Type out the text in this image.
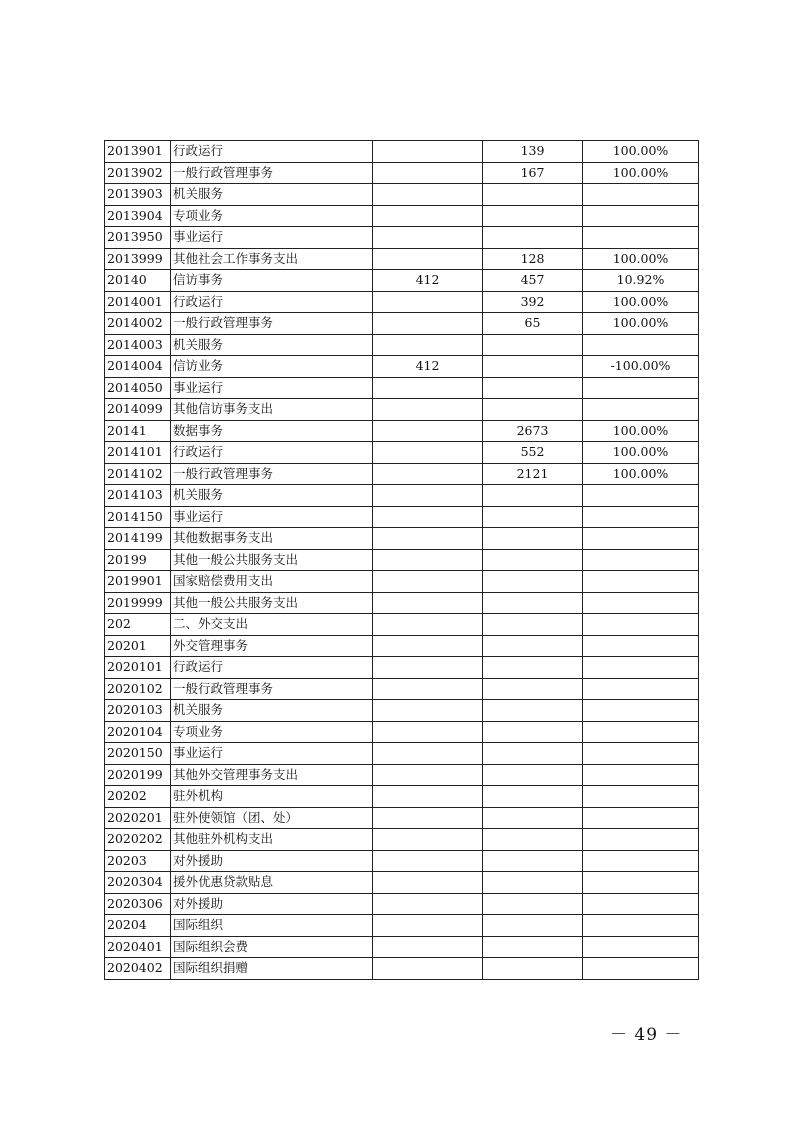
2013901	行政运行		139	100.00%
2013902	一般行政管理事务		167	100.00%
2013903	机关服务			
2013904	专项业务			
2013950	事业运行			
2013999	其他社会工作事务支出		128	100.00%
20140	信访事务	412	457	10.92%
2014001	行政运行		392	100.00%
2014002	一般行政管理事务		65	100.00%
2014003	机关服务			
2014004	信访业务	412		-100.00%
2014050	事业运行			
2014099	其他信访事务支出			
20141	数据事务		2673	100.00%
2014101	行政运行		552	100.00%
2014102	一般行政管理事务		2121	100.00%
2014103	机关服务			
2014150	事业运行			
2014199	其他数据事务支出			
20199	其他一般公共服务支出			
2019901	国家赔偿费用支出			
2019999	其他一般公共服务支出			
202	二、外交支出			
20201	外交管理事务			
2020101	行政运行			
2020102	一般行政管理事务			
2020103	机关服务			
2020104	专项业务			
2020150	事业运行			
2020199	其他外交管理事务支出			
20202	驻外机构			
2020201	驻外使领馆（团、处）			
2020202	其他驻外机构支出			
20203	对外援助			
2020304	援外优惠贷款贴息			
2020306	对外援助			
20204	国际组织			
2020401	国际组织会费			
2020402	国际组织捐赠			
－ 49 －
